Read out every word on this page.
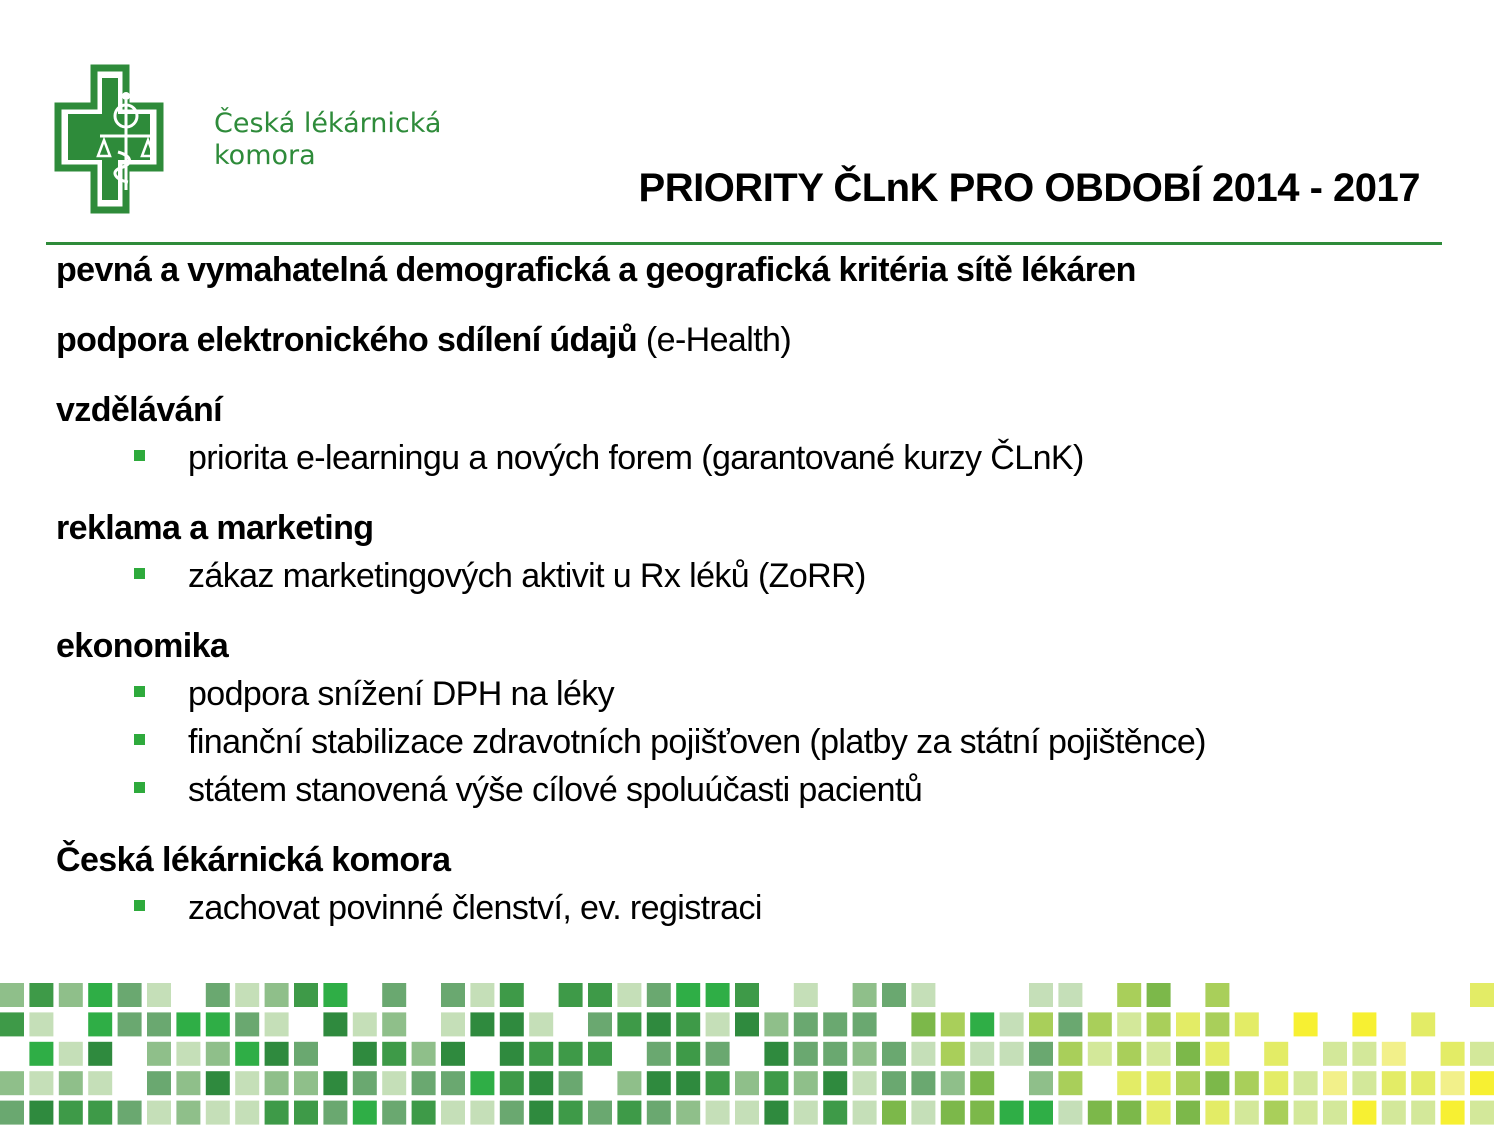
Česká lékárnická
komora
PRIORITY ČLnK PRO OBDOBÍ 2014 - 2017
pevná a vymahatelná demografická a geografická kritéria sítě lékáren
podpora elektronického sdílení údajů (e-Health)
vzdělávání
priorita e-learningu a nových forem (garantované kurzy ČLnK)
reklama a marketing
zákaz marketingových aktivit u Rx léků (ZoRR)
ekonomika
podpora snížení DPH na léky
finanční stabilizace zdravotních pojišťoven (platby za státní pojištěnce)
státem stanovená výše cílové spoluúčasti pacientů
Česká lékárnická komora
zachovat povinné členství, ev. registraci
